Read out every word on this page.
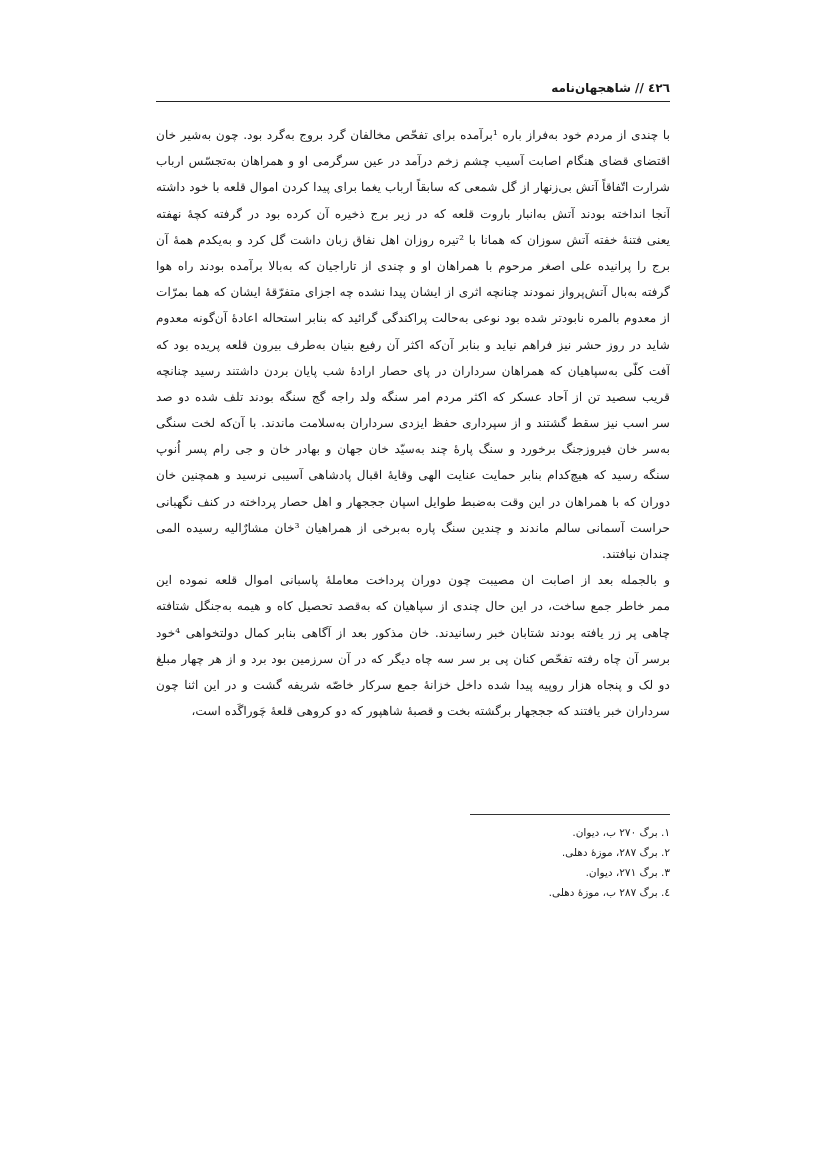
٤٢٦ // شاهجهان‌نامه
با چندی از مردم خود به‌فراز باره ¹برآمده برای تفحّص مخالفان گرد بروج به‌گرد بود. چون به‌شیر خان
اقتضای قضای هنگام اصابت آسیب چشم زخم درآمد در عین سرگرمی او و همراهان به‌تجسّس ارباب
شرارت اتّفاقاً آتش بی‌زنهار از گل شمعی که سابقاً ارباب یغما برای پیدا کردن اموال قلعه با خود داشته
آنجا انداخته بودند آتش به‌انبار باروت قلعه که در زیر برج ذخیره آن کرده بود در گرفته کچهٔ نهفته
یعنی فتنهٔ خفته آتش سوزان که همانا با ²تیره روزان اهل نفاق زبان داشت گل کرد و به‌یکدم همهٔ آن
برج را پرانیده علی اصغر مرحوم با همراهان او و چندی از تاراجیان که به‌بالا برآمده بودند راه هوا
گرفته به‌بال آتش‌پرواز نمودند چنانچه اثری از ایشان پیدا نشده چه اجزای متفرّقهٔ ایشان که هما بمرّات
از معدوم بالمره نابودتر شده بود نوعی به‌حالت پراکندگی گرائید که بنابر استحاله اعادهٔ آن‌گونه معدوم
شاید در روز حشر نیز فراهم نیاید و بنابر آن‌که اکثر آن رفیع بنیان به‌طرف بیرون قلعه پریده بود که
آفت کلّی به‌سپاهیان که همراهان سرداران در پای حصار ارادهٔ شب پایان بردن داشتند رسید چنانچه
قریب سصید تن از آحاد عسکر که اکثر مردم امر سنگه ولد راجه گج سنگه بودند تلف شده دو صد
سر اسب نیز سقط گشتند و از سپرداری حفظ ایزدی سرداران به‌سلامت ماندند. با آن‌که لخت سنگی
به‌سر خان فیروزجنگ برخورد و سنگ پارهٔ چند به‌سیّد خان جهان و بهادر خان و جی رام پسر اُنوپ
سنگه رسید که هیچ‌کدام بنابر حمایت عنایت الهی وقایهٔ اقبال پادشاهی آسیبی نرسید و همچنین خان
دوران که با همراهان در این وقت به‌ضبط طوایل اسپان جججهار و اهل حصار پرداخته در کنف نگهبانی
حراست آسمانی سالم ماندند و چندین سنگ پاره به‌برخی از همراهیان ³خان مشارٌالیه رسیده المی
چندان نیافتند.
و بالجمله بعد از اصابت ان مصیبت چون دوران پرداخت معاملهٔ پاسبانی اموال قلعه نموده این
ممر خاطر جمع ساخت، در این حال چندی از سپاهیان که به‌قصد تحصیل کاه و هیمه به‌جنگل شتافته
چاهی پر زر یافته بودند شتابان خبر رسانیدند. خان مذکور بعد از آگاهی بنابر کمال دولتخواهی ⁴خود
برسر آن چاه رفته تفحّص کنان پی بر سر سه چاه دیگر که در آن سرزمین بود برد و از هر چهار مبلغ
دو لک و پنجاه هزار روپیه پیدا شده داخل خزانهٔ جمع سرکار خاصّه شریفه گشت و در این اثنا چون
سرداران خبر یافتند که جججهار برگشته بخت و قصبهٔ شاهپور که دو کروهی قلعهٔ چَوراگَده است،
١. برگ ٢٧٠ ب، دیوان.
٢. برگ ٢٨٧، موزهٔ دهلی.
٣. برگ ٢٧١، دیوان.
٤. برگ ٢٨٧ ب، موزهٔ دهلی.
